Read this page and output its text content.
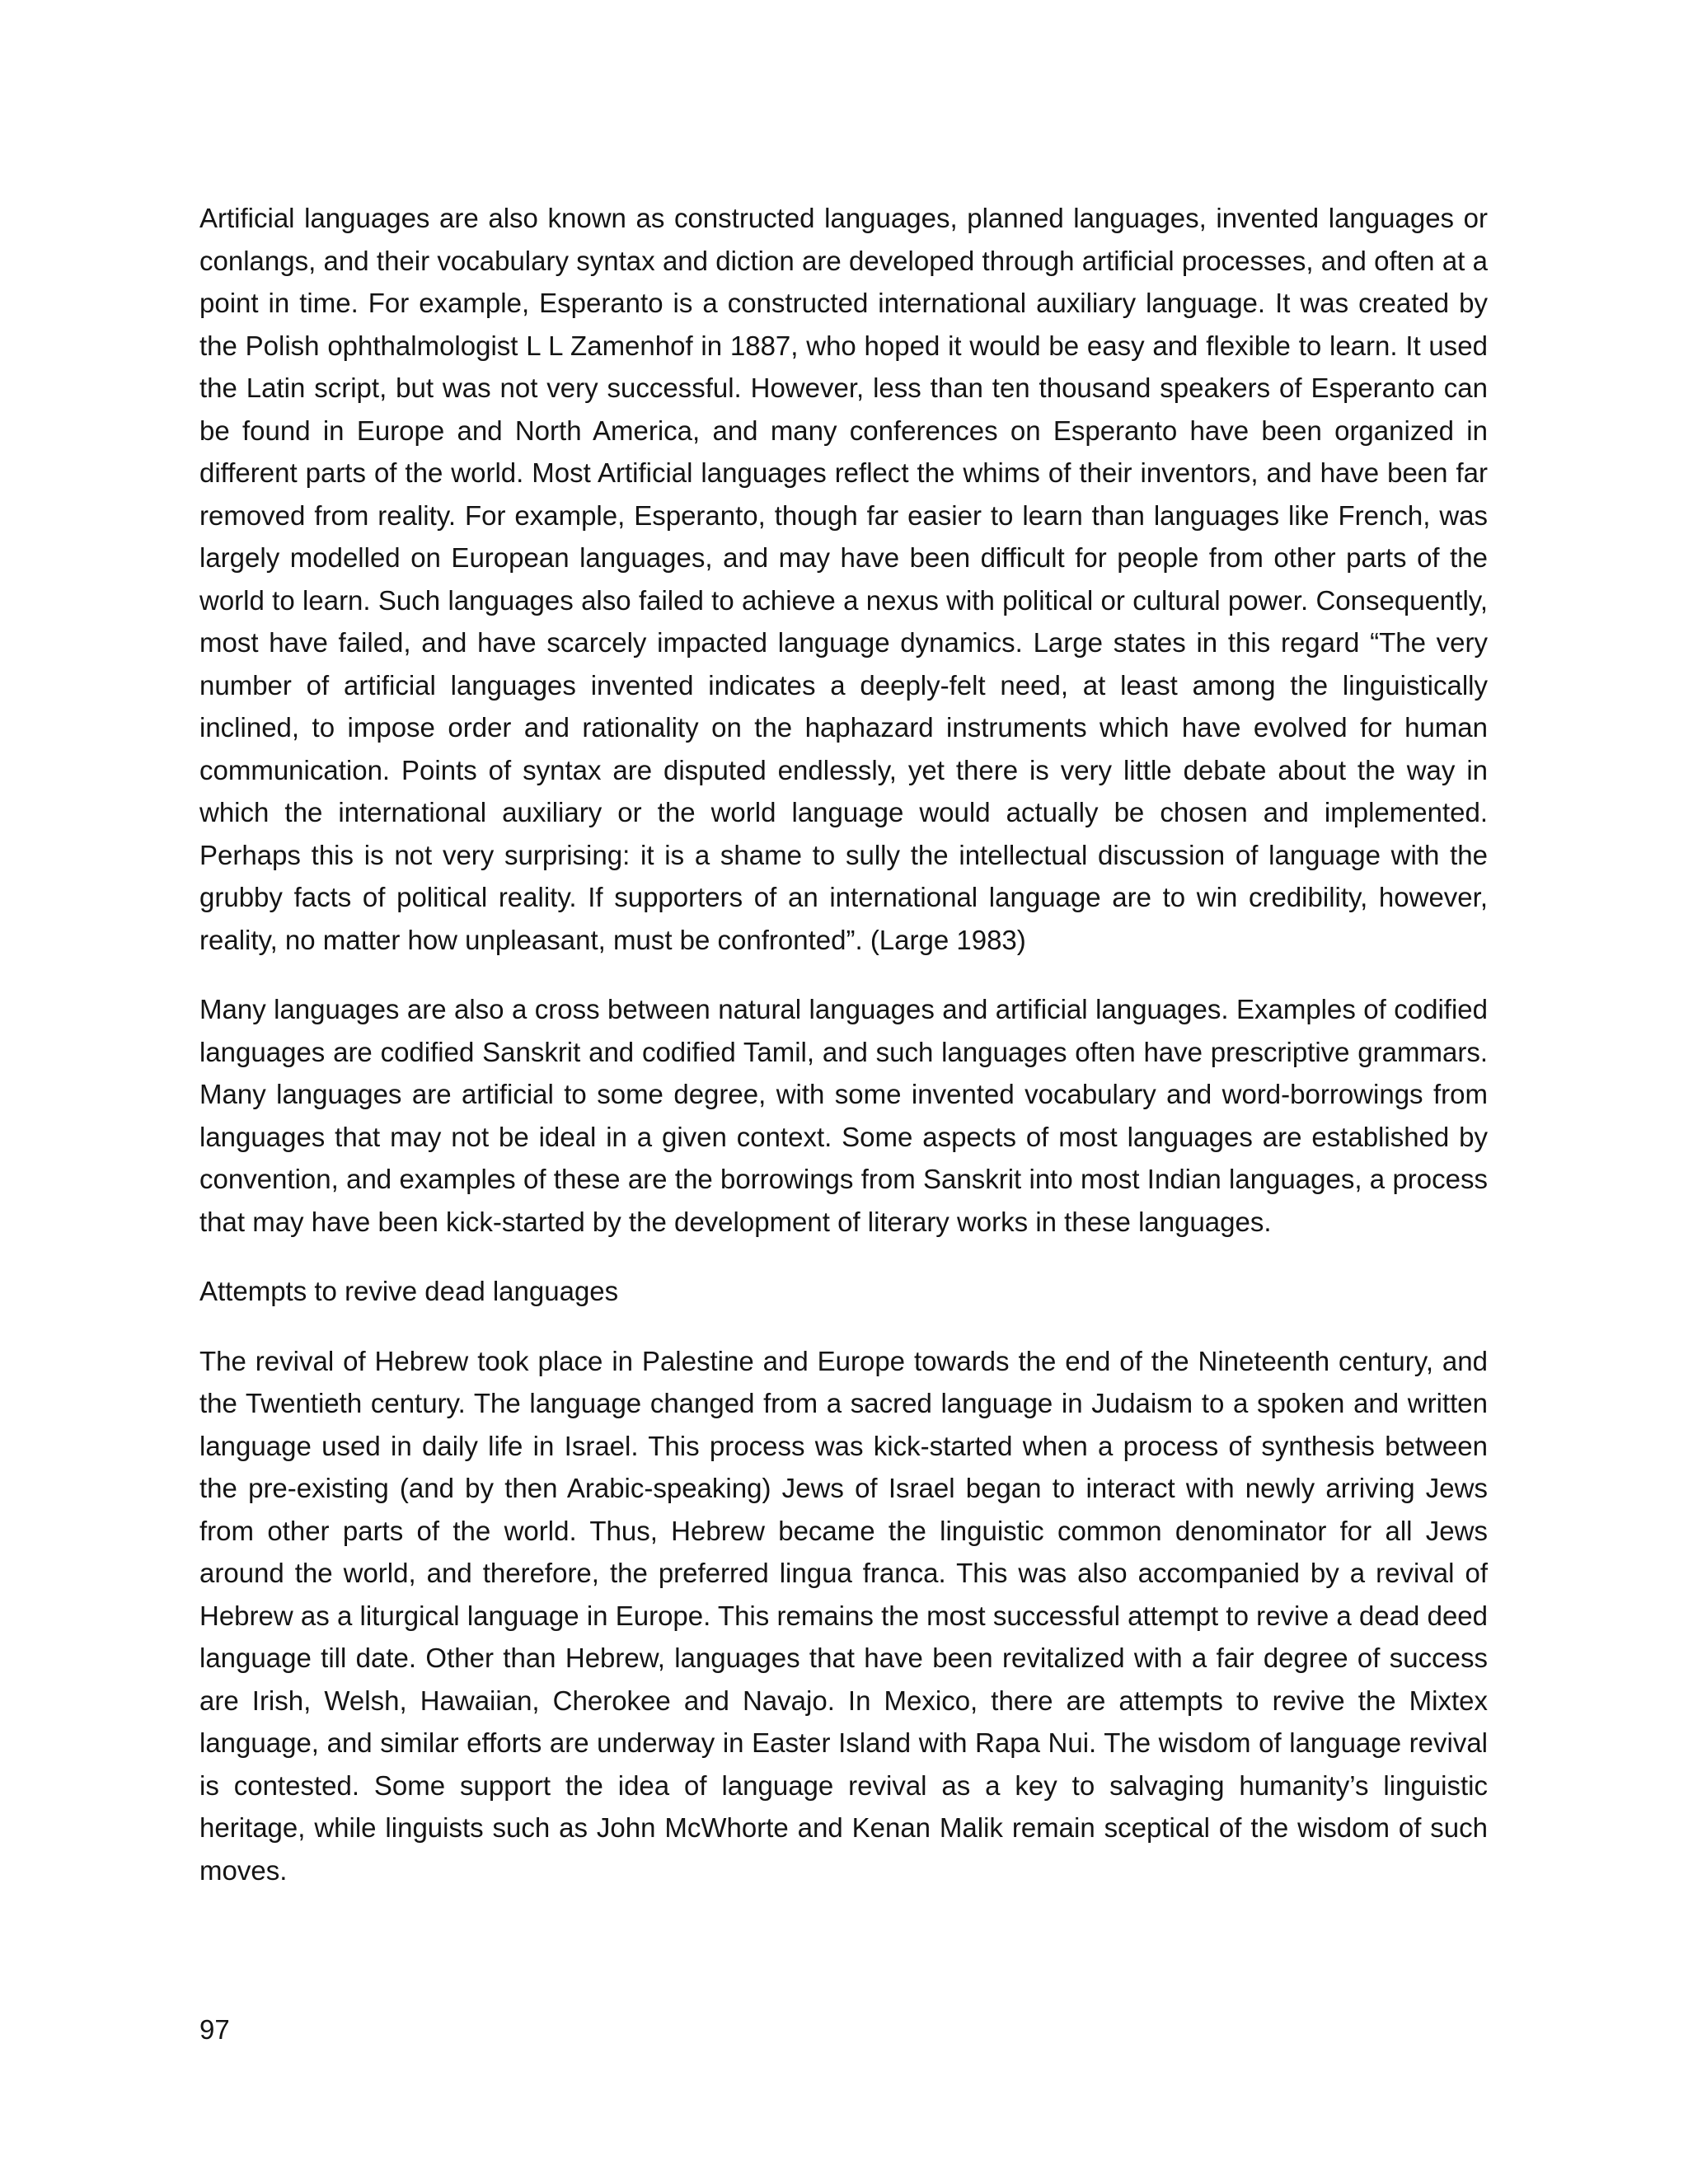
Artificial languages are also known as constructed languages, planned languages, invented languages or conlangs, and their vocabulary syntax and diction are developed through artificial processes, and often at a point in time. For example, Esperanto is a constructed international auxiliary language. It was created by the Polish ophthalmologist L L Zamenhof in 1887, who hoped it would be easy and flexible to learn. It used the Latin script, but was not very successful. However, less than ten thousand speakers of Esperanto can be found in Europe and North America, and many conferences on Esperanto have been organized in different parts of the world. Most Artificial languages reflect the whims of their inventors, and have been far removed from reality. For example, Esperanto, though far easier to learn than languages like French, was largely modelled on European languages, and may have been difficult for people from other parts of the world to learn. Such languages also failed to achieve a nexus with political or cultural power. Consequently, most have failed, and have scarcely impacted language dynamics. Large states in this regard “The very number of artificial languages invented indicates a deeply-felt need, at least among the linguistically inclined, to impose order and rationality on the haphazard instruments which have evolved for human communication. Points of syntax are disputed endlessly, yet there is very little debate about the way in which the international auxiliary or the world language would actually be chosen and implemented. Perhaps this is not very surprising: it is a shame to sully the intellectual discussion of language with the grubby facts of political reality. If supporters of an international language are to win credibility, however, reality, no matter how unpleasant, must be confronted”. (Large 1983)

Many languages are also a cross between natural languages and artificial languages. Examples of codified languages are codified Sanskrit and codified Tamil, and such languages often have prescriptive grammars. Many languages are artificial to some degree, with some invented vocabulary and word-borrowings from languages that may not be ideal in a given context. Some aspects of most languages are established by convention, and examples of these are the borrowings from Sanskrit into most Indian languages, a process that may have been kick-started by the development of literary works in these languages.

Attempts to revive dead languages

The revival of Hebrew took place in Palestine and Europe towards the end of the Nineteenth century, and the Twentieth century. The language changed from a sacred language in Judaism to a spoken and written language used in daily life in Israel. This process was kick-started when a process of synthesis between the pre-existing (and by then Arabic-speaking) Jews of Israel began to interact with newly arriving Jews from other parts of the world. Thus, Hebrew became the linguistic common denominator for all Jews around the world, and therefore, the preferred lingua franca. This was also accompanied by a revival of Hebrew as a liturgical language in Europe. This remains the most successful attempt to revive a dead deed language till date. Other than Hebrew, languages that have been revitalized with a fair degree of success are Irish, Welsh, Hawaiian, Cherokee and Navajo. In Mexico, there are attempts to revive the Mixtex language, and similar efforts are underway in Easter Island with Rapa Nui. The wisdom of language revival is contested. Some support the idea of language revival as a key to salvaging humanity’s linguistic heritage, while linguists such as John McWhorte and Kenan Malik remain sceptical of the wisdom of such moves.

97
